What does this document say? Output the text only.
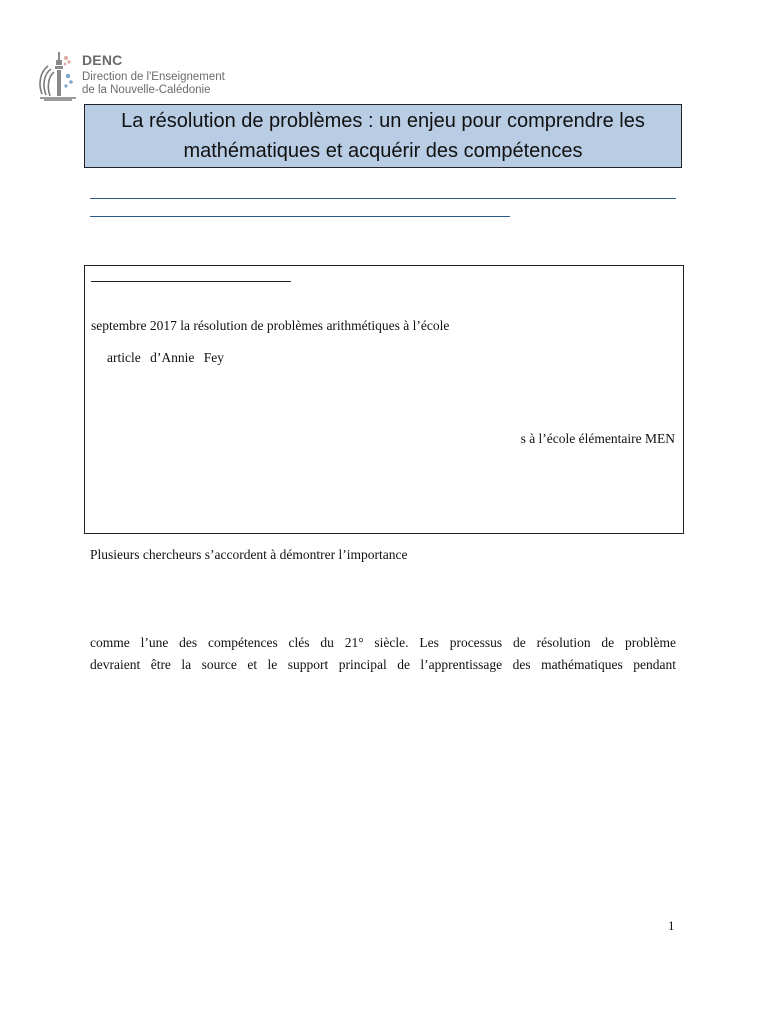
DENC
Direction de l'Enseignement
de la Nouvelle-Calédonie
La résolution de problèmes : un enjeu pour comprendre les mathématiques et acquérir des compétences
septembre 2017 la résolution de problèmes arithmétiques à l’école
article d’Annie Fey
s à l’école élémentaire MEN
Plusieurs chercheurs s’accordent à démontrer l’importance
comme l’une des compétences clés du 21° siècle. Les processus de résolution de problème
devraient être la source et le support principal de l’apprentissage des mathématiques pendant
1
